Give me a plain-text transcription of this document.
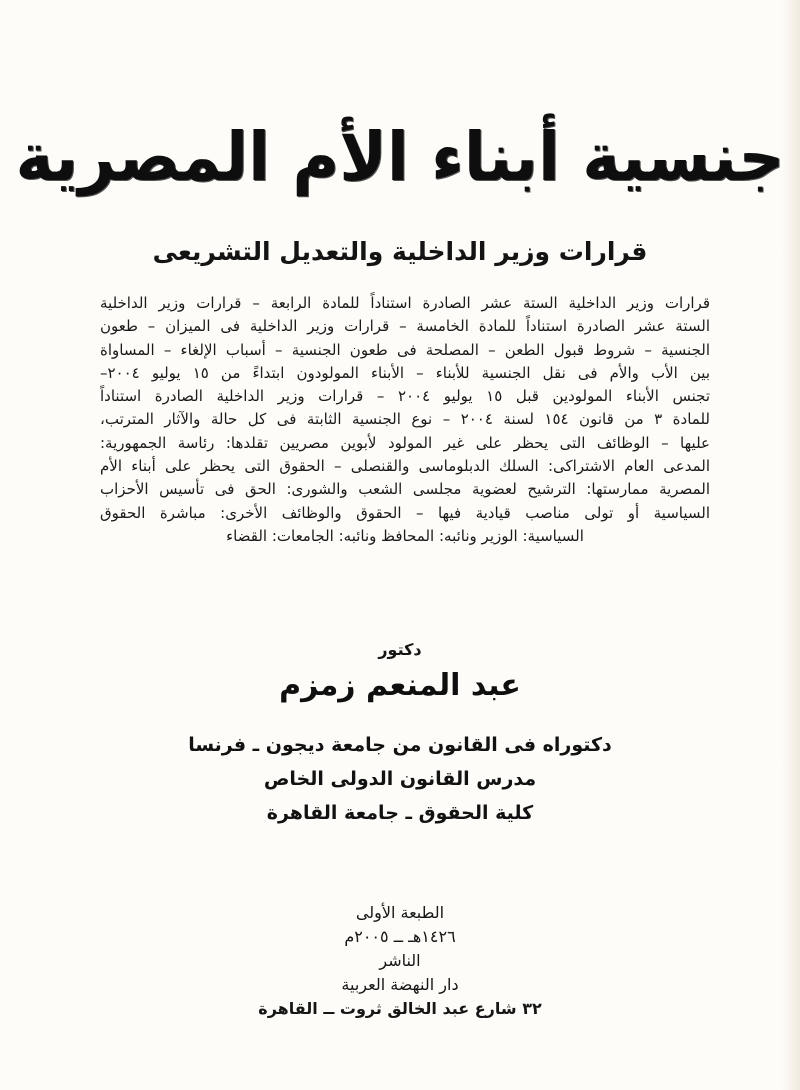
جنسية أبناء الأم المصرية
قرارات وزير الداخلية والتعديل التشريعى
قرارات وزير الداخلية الستة عشر الصادرة استناداً للمادة الرابعة – قرارات وزير الداخلية
الستة عشر الصادرة استناداً للمادة الخامسة – قرارات وزير الداخلية فى الميزان – طعون
الجنسية – شروط قبول الطعن – المصلحة فى طعون الجنسية – أسباب الإلغاء – المساواة
بين الأب والأم فى نقل الجنسية للأبناء – الأبناء المولودون ابتداءً من ١٥ يوليو ٢٠٠٤–
تجنس الأبناء المولودين قبل ١٥ يوليو ٢٠٠٤ – قرارات وزير الداخلية الصادرة استناداً
للمادة ٣ من قانون ١٥٤ لسنة ٢٠٠٤ – نوع الجنسية الثابتة فى كل حالة والآثار المترتب،
عليها – الوظائف التى يحظر على غير المولود لأبوين مصريين تقلدها: رئاسة الجمهورية:
المدعى العام الاشتراكى: السلك الدبلوماسى والقنصلى – الحقوق التى يحظر على أبناء الأم
المصرية ممارستها: الترشيح لعضوية مجلسى الشعب والشورى: الحق فى تأسيس الأحزاب
السياسية أو تولى مناصب قيادية فيها – الحقوق والوظائف الأخرى: مباشرة الحقوق
السياسية: الوزير ونائبه: المحافظ ونائبه: الجامعات: القضاء
دكتور
عبد المنعم زمزم
دكتوراه فى القانون من جامعة ديجون ـ فرنسا
مدرس القانون الدولى الخاص
كلية الحقوق ـ جامعة القاهرة
الطبعة الأولى
١٤٢٦هـ ــ ٢٠٠٥م
الناشر
دار النهضة العربية
٣٢ شارع عبد الخالق ثروت ــ القاهرة
